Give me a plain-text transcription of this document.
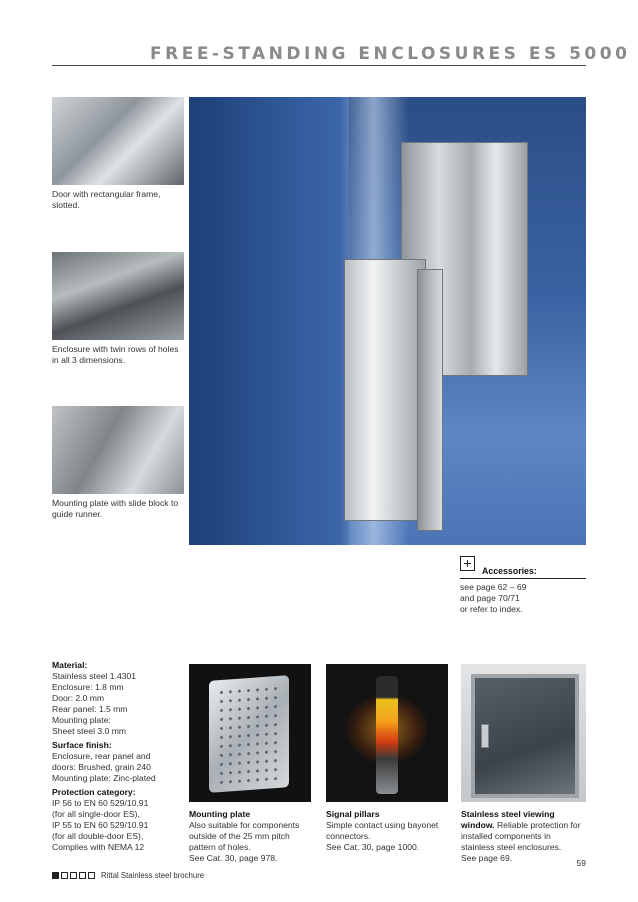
FREE-STANDING ENCLOSURES ES 5000
Door with rectangular frame, slotted.
Enclosure with twin rows of holes in all 3 dimensions.
Mounting plate with slide block to guide runner.
+	Accessories:
see page 62 – 69
and page 70/71
or refer to index.
Material:
Stainless steel 1.4301
Enclosure: 1.8 mm
Door: 2.0 mm
Rear panel: 1.5 mm
Mounting plate:
Sheet steel 3.0 mm
Surface finish:
Enclosure, rear panel and
doors: Brushed, grain 240
Mounting plate: Zinc-plated
Protection category:
IP 56 to EN 60 529/10.91
(for all single-door ES),
IP 55 to EN 60 529/10.91
(for all double-door ES),
Complies with NEMA 12
Mounting plate
Also suitable for components
outside of the 25 mm pitch
pattern of holes.
See Cat. 30, page 978.
Signal pillars
Simple contact using bayonet
connectors.
See Cat. 30, page 1000.
Stainless steel viewing
window. Reliable protection for
installed components in
stainless steel enclosures.
See page 69.	59
Rittal Stainless steel brochure
